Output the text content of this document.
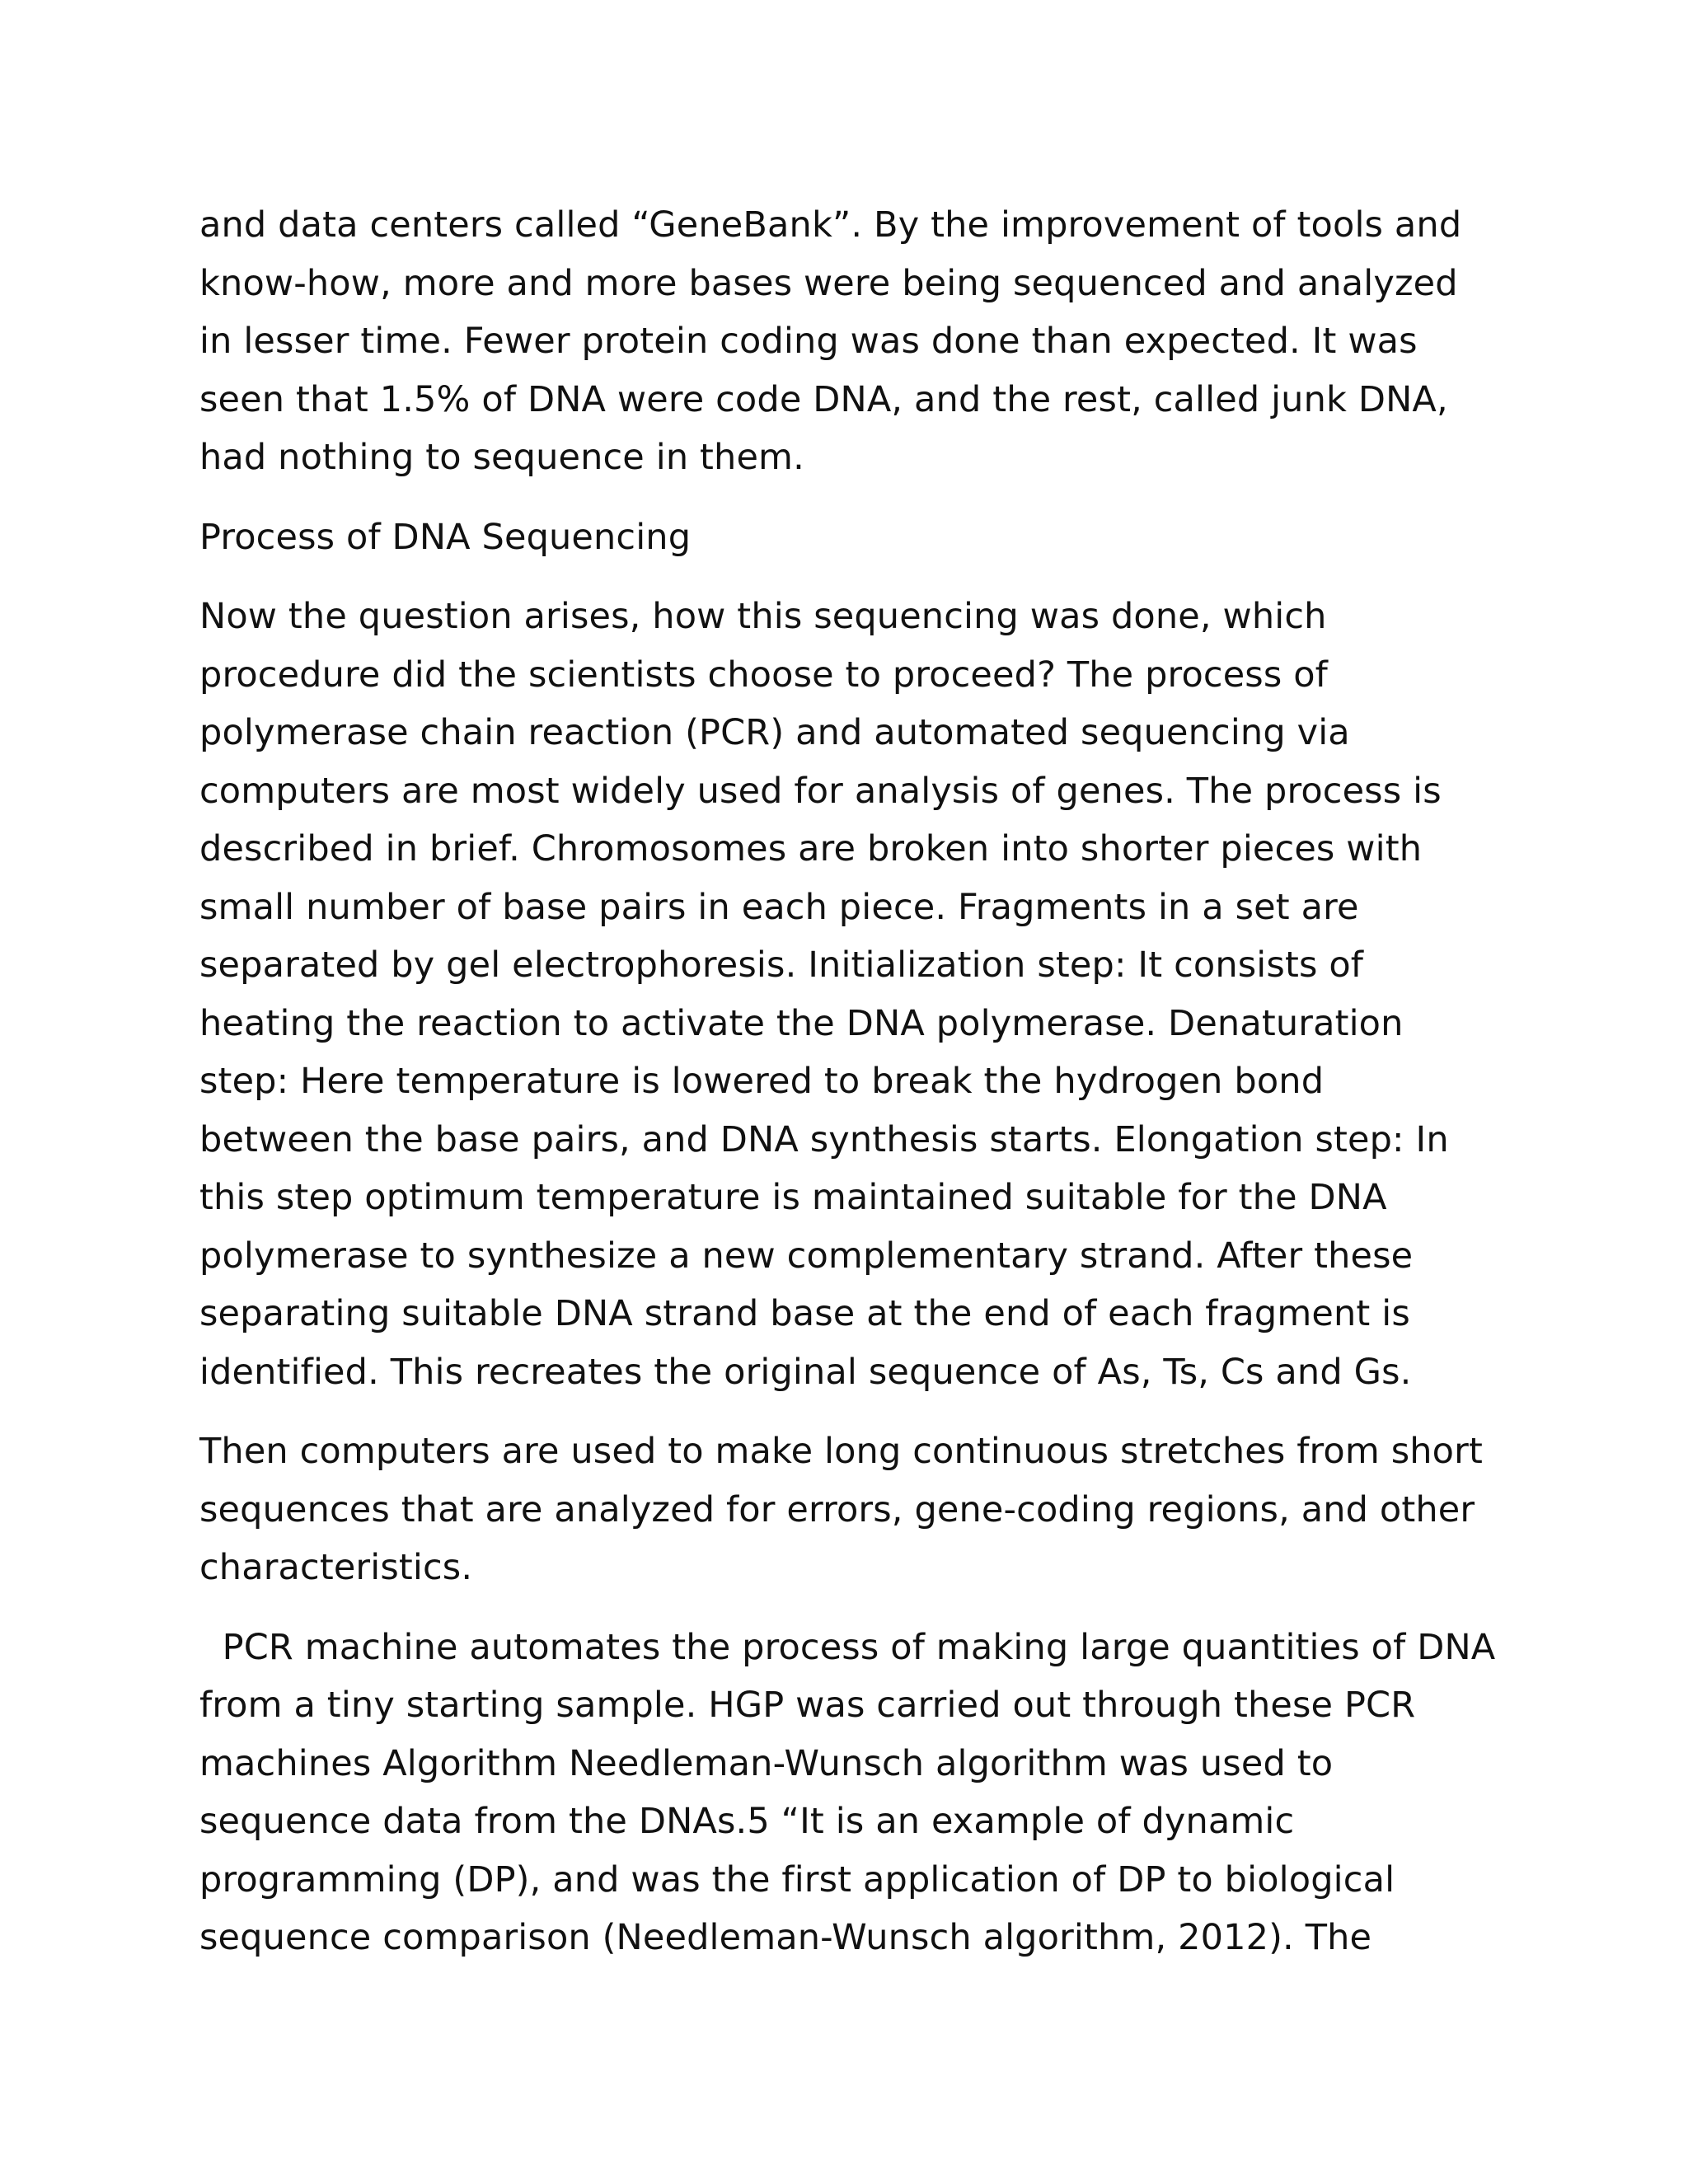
and data centers called “GeneBank”. By the improvement of tools and
know-how, more and more bases were being sequenced and analyzed
in lesser time. Fewer protein coding was done than expected. It was
seen that 1.5% of DNA were code DNA, and the rest, called junk DNA,
had nothing to sequence in them.
Process of DNA Sequencing
Now the question arises, how this sequencing was done, which
procedure did the scientists choose to proceed? The process of
polymerase chain reaction (PCR) and automated sequencing via
computers are most widely used for analysis of genes. The process is
described in brief. Chromosomes are broken into shorter pieces with
small number of base pairs in each piece. Fragments in a set are
separated by gel electrophoresis. Initialization step: It consists of
heating the reaction to activate the DNA polymerase. Denaturation
step: Here temperature is lowered to break the hydrogen bond
between the base pairs, and DNA synthesis starts. Elongation step: In
this step optimum temperature is maintained suitable for the DNA
polymerase to synthesize a new complementary strand. After these
separating suitable DNA strand base at the end of each fragment is
identified. This recreates the original sequence of As, Ts, Cs and Gs.
Then computers are used to make long continuous stretches from short
sequences that are analyzed for errors, gene-coding regions, and other
characteristics.
PCR machine automates the process of making large quantities of DNA
from a tiny starting sample. HGP was carried out through these PCR
machines Algorithm Needleman-Wunsch algorithm was used to
sequence data from the DNAs.5 “It is an example of dynamic
programming (DP), and was the first application of DP to biological
sequence comparison (Needleman-Wunsch algorithm, 2012). The
